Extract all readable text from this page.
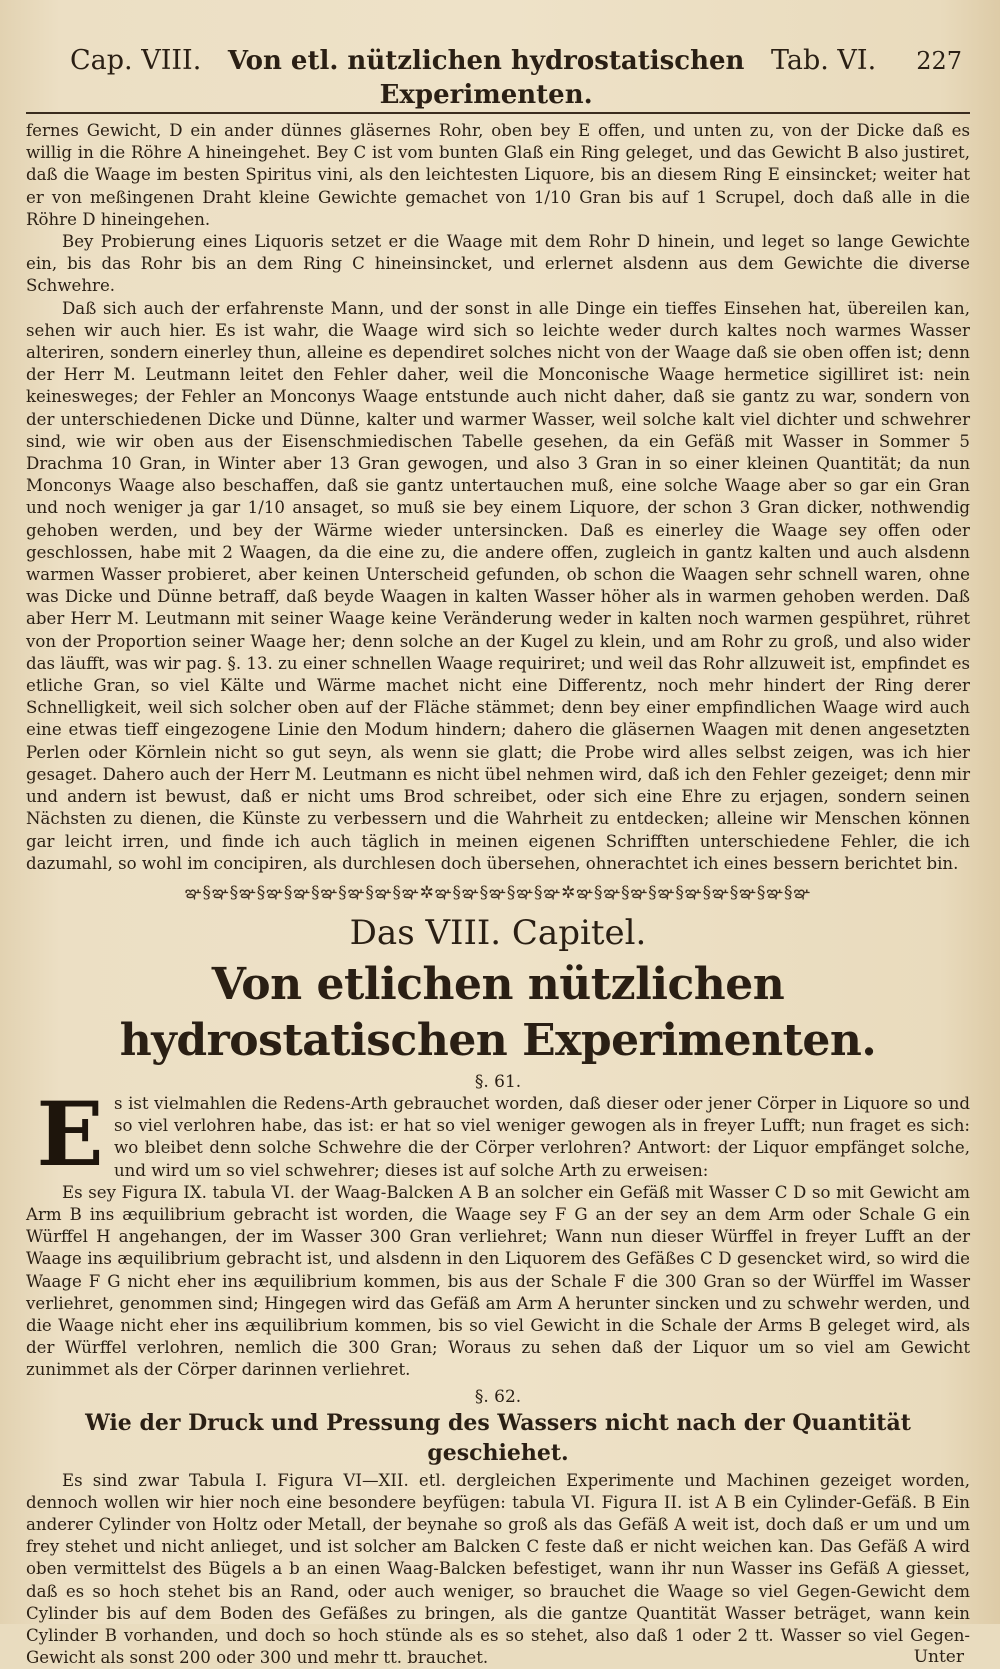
Cap. VIII.	Von etl. nützlichen hydrostatischen Experimenten.
Tab. VI. 227

fernes Gewicht, D ein ander dünnes gläsernes Rohr, oben bey E offen, und unten zu, von der Dicke daß es willig in die Röhre A hineingehet. Bey C ist vom bunten Glaß ein Ring geleget, und das Gewicht B also justiret, daß die Waage im besten Spiritus vini, als den leichtesten Liquore, bis an diesem Ring E einsincket; weiter hat er von meßingenen Draht kleine Gewichte gemachet von 1/10 Gran bis auf 1 Scrupel, doch daß alle in die Röhre D hineingehen.

Bey Probierung eines Liquoris setzet er die Waage mit dem Rohr D hinein, und leget so lange Gewichte ein, bis das Rohr bis an dem Ring C hineinsincket, und erlernet alsdenn aus dem Gewichte die diverse Schwehre.

Daß sich auch der erfahrenste Mann, und der sonst in alle Dinge ein tieffes Einsehen hat, übereilen kan, sehen wir auch hier. Es ist wahr, die Waage wird sich so leichte weder durch kaltes noch warmes Wasser alteriren, sondern einerley thun, alleine es dependiret solches nicht von der Waage daß sie oben offen ist; denn der Herr M. Leutmann leitet den Fehler daher, weil die Monconische Waage hermetice sigilliret ist: nein keinesweges; der Fehler an Monconys Waage entstunde auch nicht daher, daß sie gantz zu war, sondern von der unterschiedenen Dicke und Dünne, kalter und warmer Wasser, weil solche kalt viel dichter und schwehrer sind, wie wir oben aus der Eisenschmiedischen Tabelle gesehen, da ein Gefäß mit Wasser in Sommer 5 Drachma 10 Gran, in Winter aber 13 Gran gewogen, und also 3 Gran in so einer kleinen Quantität; da nun Monconys Waage also beschaffen, daß sie gantz untertauchen muß, eine solche Waage aber so gar ein Gran und noch weniger ja gar 1/10 ansaget, so muß sie bey einem Liquore, der schon 3 Gran dicker, nothwendig gehoben werden, und bey der Wärme wieder untersincken. Daß es einerley die Waage sey offen oder geschlossen, habe mit 2 Waagen, da die eine zu, die andere offen, zugleich in gantz kalten und auch alsdenn warmen Wasser probieret, aber keinen Unterscheid gefunden, ob schon die Waagen sehr schnell waren, ohne was Dicke und Dünne betraff, daß beyde Waagen in kalten Wasser höher als in warmen gehoben werden. Daß aber Herr M. Leutmann mit seiner Waage keine Veränderung weder in kalten noch warmen gespühret, rühret von der Proportion seiner Waage her; denn solche an der Kugel zu klein, und am Rohr zu groß, und also wider das läufft, was wir pag. §. 13. zu einer schnellen Waage requiriret; und weil das Rohr allzuweit ist, empfindet es etliche Gran, so viel Kälte und Wärme machet nicht eine Differentz, noch mehr hindert der Ring derer Schnelligkeit, weil sich solcher oben auf der Fläche stämmet; denn bey einer empfindlichen Waage wird auch eine etwas tieff eingezogene Linie den Modum hindern; dahero die gläsernen Waagen mit denen angesetzten Perlen oder Körnlein nicht so gut seyn, als wenn sie glatt; die Probe wird alles selbst zeigen, was ich hier gesaget. Dahero auch der Herr M. Leutmann es nicht übel nehmen wird, daß ich den Fehler gezeiget; denn mir und andern ist bewust, daß er nicht ums Brod schreibet, oder sich eine Ehre zu erjagen, sondern seinen Nächsten zu dienen, die Künste zu verbessern und die Wahrheit zu entdecken; alleine wir Menschen können gar leicht irren, und finde ich auch täglich in meinen eigenen Schrifften unterschiedene Fehler, die ich dazumahl, so wohl im concipiren, als durchlesen doch übersehen, ohnerachtet ich eines bessern berichtet bin.

ఞ§ఞ§ఞ§ఞ§ఞ§ఞ§ఞ§ఞ§ఞ✲ఞ§ఞ§ఞ§ఞ§ఞ✲ఞ§ఞ§ఞ§ఞ§ఞ§ఞ§ఞ§ఞ§ఞ
Das VIII. Capitel.
Von etlichen nützlichen hydrostatischen Experimenten.
§. 61.
E s ist vielmahlen die Redens-Arth gebrauchet worden, daß dieser oder jener Cörper in Liquore so und so viel verlohren habe, das ist: er hat so viel weniger gewogen als in freyer Lufft; nun fraget es sich: wo bleibet denn solche Schwehre die der Cörper verlohren? Antwort: der Liquor empfänget solche, und wird um so viel schwehrer; dieses ist auf solche Arth zu erweisen:

Es sey Figura IX. tabula VI. der Waag-Balcken A B an solcher ein Gefäß mit Wasser C D so mit Gewicht am Arm B ins æquilibrium gebracht ist worden, die Waage sey F G an der sey an dem Arm oder Schale G ein Würffel H angehangen, der im Wasser 300 Gran verliehret; Wann nun dieser Würffel in freyer Lufft an der Waage ins æquilibrium gebracht ist, und alsdenn in den Liquorem des Gefäßes C D gesencket wird, so wird die Waage F G nicht eher ins æquilibrium kommen, bis aus der Schale F die 300 Gran so der Würffel im Wasser verliehret, genommen sind; Hingegen wird das Gefäß am Arm A herunter sincken und zu schwehr werden, und die Waage nicht eher ins æquilibrium kommen, bis so viel Gewicht in die Schale der Arms B geleget wird, als der Würffel verlohren, nemlich die 300 Gran; Woraus zu sehen daß der Liquor um so viel am Gewicht zunimmet als der Cörper darinnen verliehret.

§. 62.
Wie der Druck und Pressung des Wassers nicht nach der Quantität geschiehet.

Es sind zwar Tabula I. Figura VI—XII. etl. dergleichen Experimente und Machinen gezeiget worden, dennoch wollen wir hier noch eine besondere beyfügen: tabula VI. Figura II. ist A B ein Cylinder-Gefäß. B Ein anderer Cylinder von Holtz oder Metall, der beynahe so groß als das Gefäß A weit ist, doch daß er um und um frey stehet und nicht anlieget, und ist solcher am Balcken C feste daß er nicht weichen kan. Das Gefäß A wird oben vermittelst des Bügels a b an einen Waag-Balcken befestiget, wann ihr nun Wasser ins Gefäß A giesset, daß es so hoch stehet bis an Rand, oder auch weniger, so brauchet die Waage so viel Gegen-Gewicht dem Cylinder bis auf dem Boden des Gefäßes zu bringen, als die gantze Quantität Wasser beträget, wann kein Cylinder B vorhanden, und doch so hoch stünde als es so stehet, also daß 1 oder 2 tt. Wasser so viel Gegen-Gewicht als sonst 200 oder 300 und mehr tt. brauchet.	Unter
